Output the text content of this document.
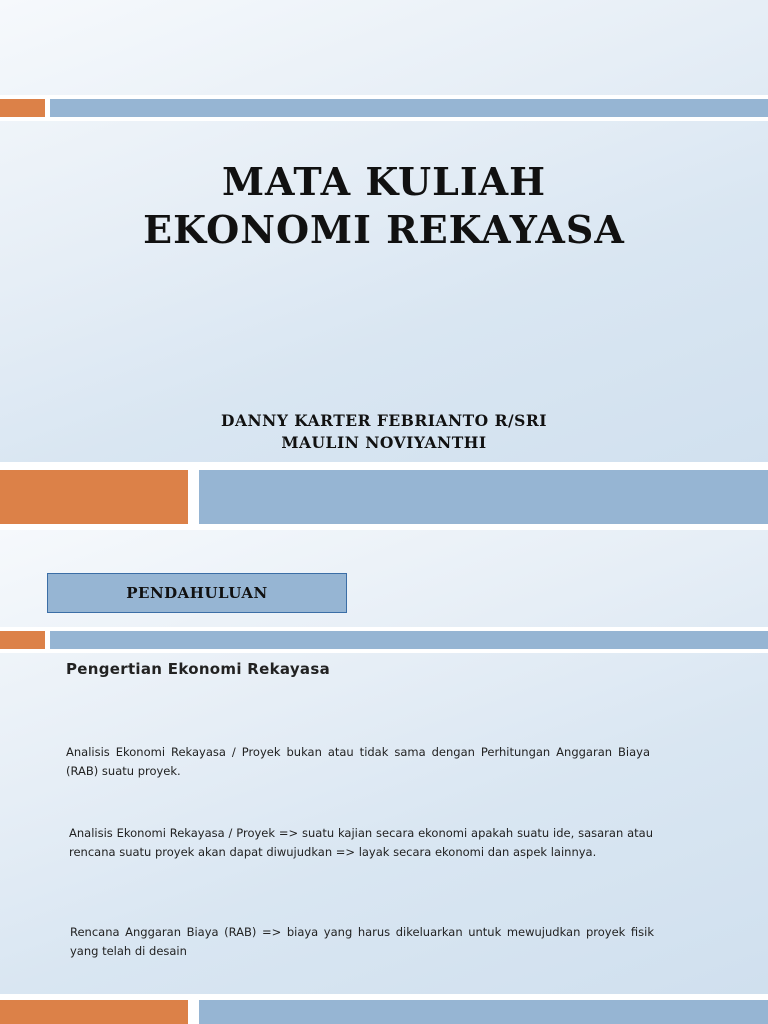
MATA KULIAH
EKONOMI REKAYASA
DANNY KARTER FEBRIANTO R/SRI
MAULIN NOVIYANTHI
PENDAHULUAN
Pengertian Ekonomi Rekayasa
Analisis Ekonomi Rekayasa / Proyek bukan atau tidak sama dengan Perhitungan Anggaran Biaya (RAB) suatu proyek.
Analisis Ekonomi Rekayasa / Proyek => suatu kajian secara ekonomi apakah suatu ide, sasaran atau rencana suatu proyek akan dapat diwujudkan => layak secara ekonomi dan aspek lainnya.
Rencana Anggaran Biaya (RAB) => biaya yang harus dikeluarkan untuk mewujudkan proyek fisik yang telah di desain
